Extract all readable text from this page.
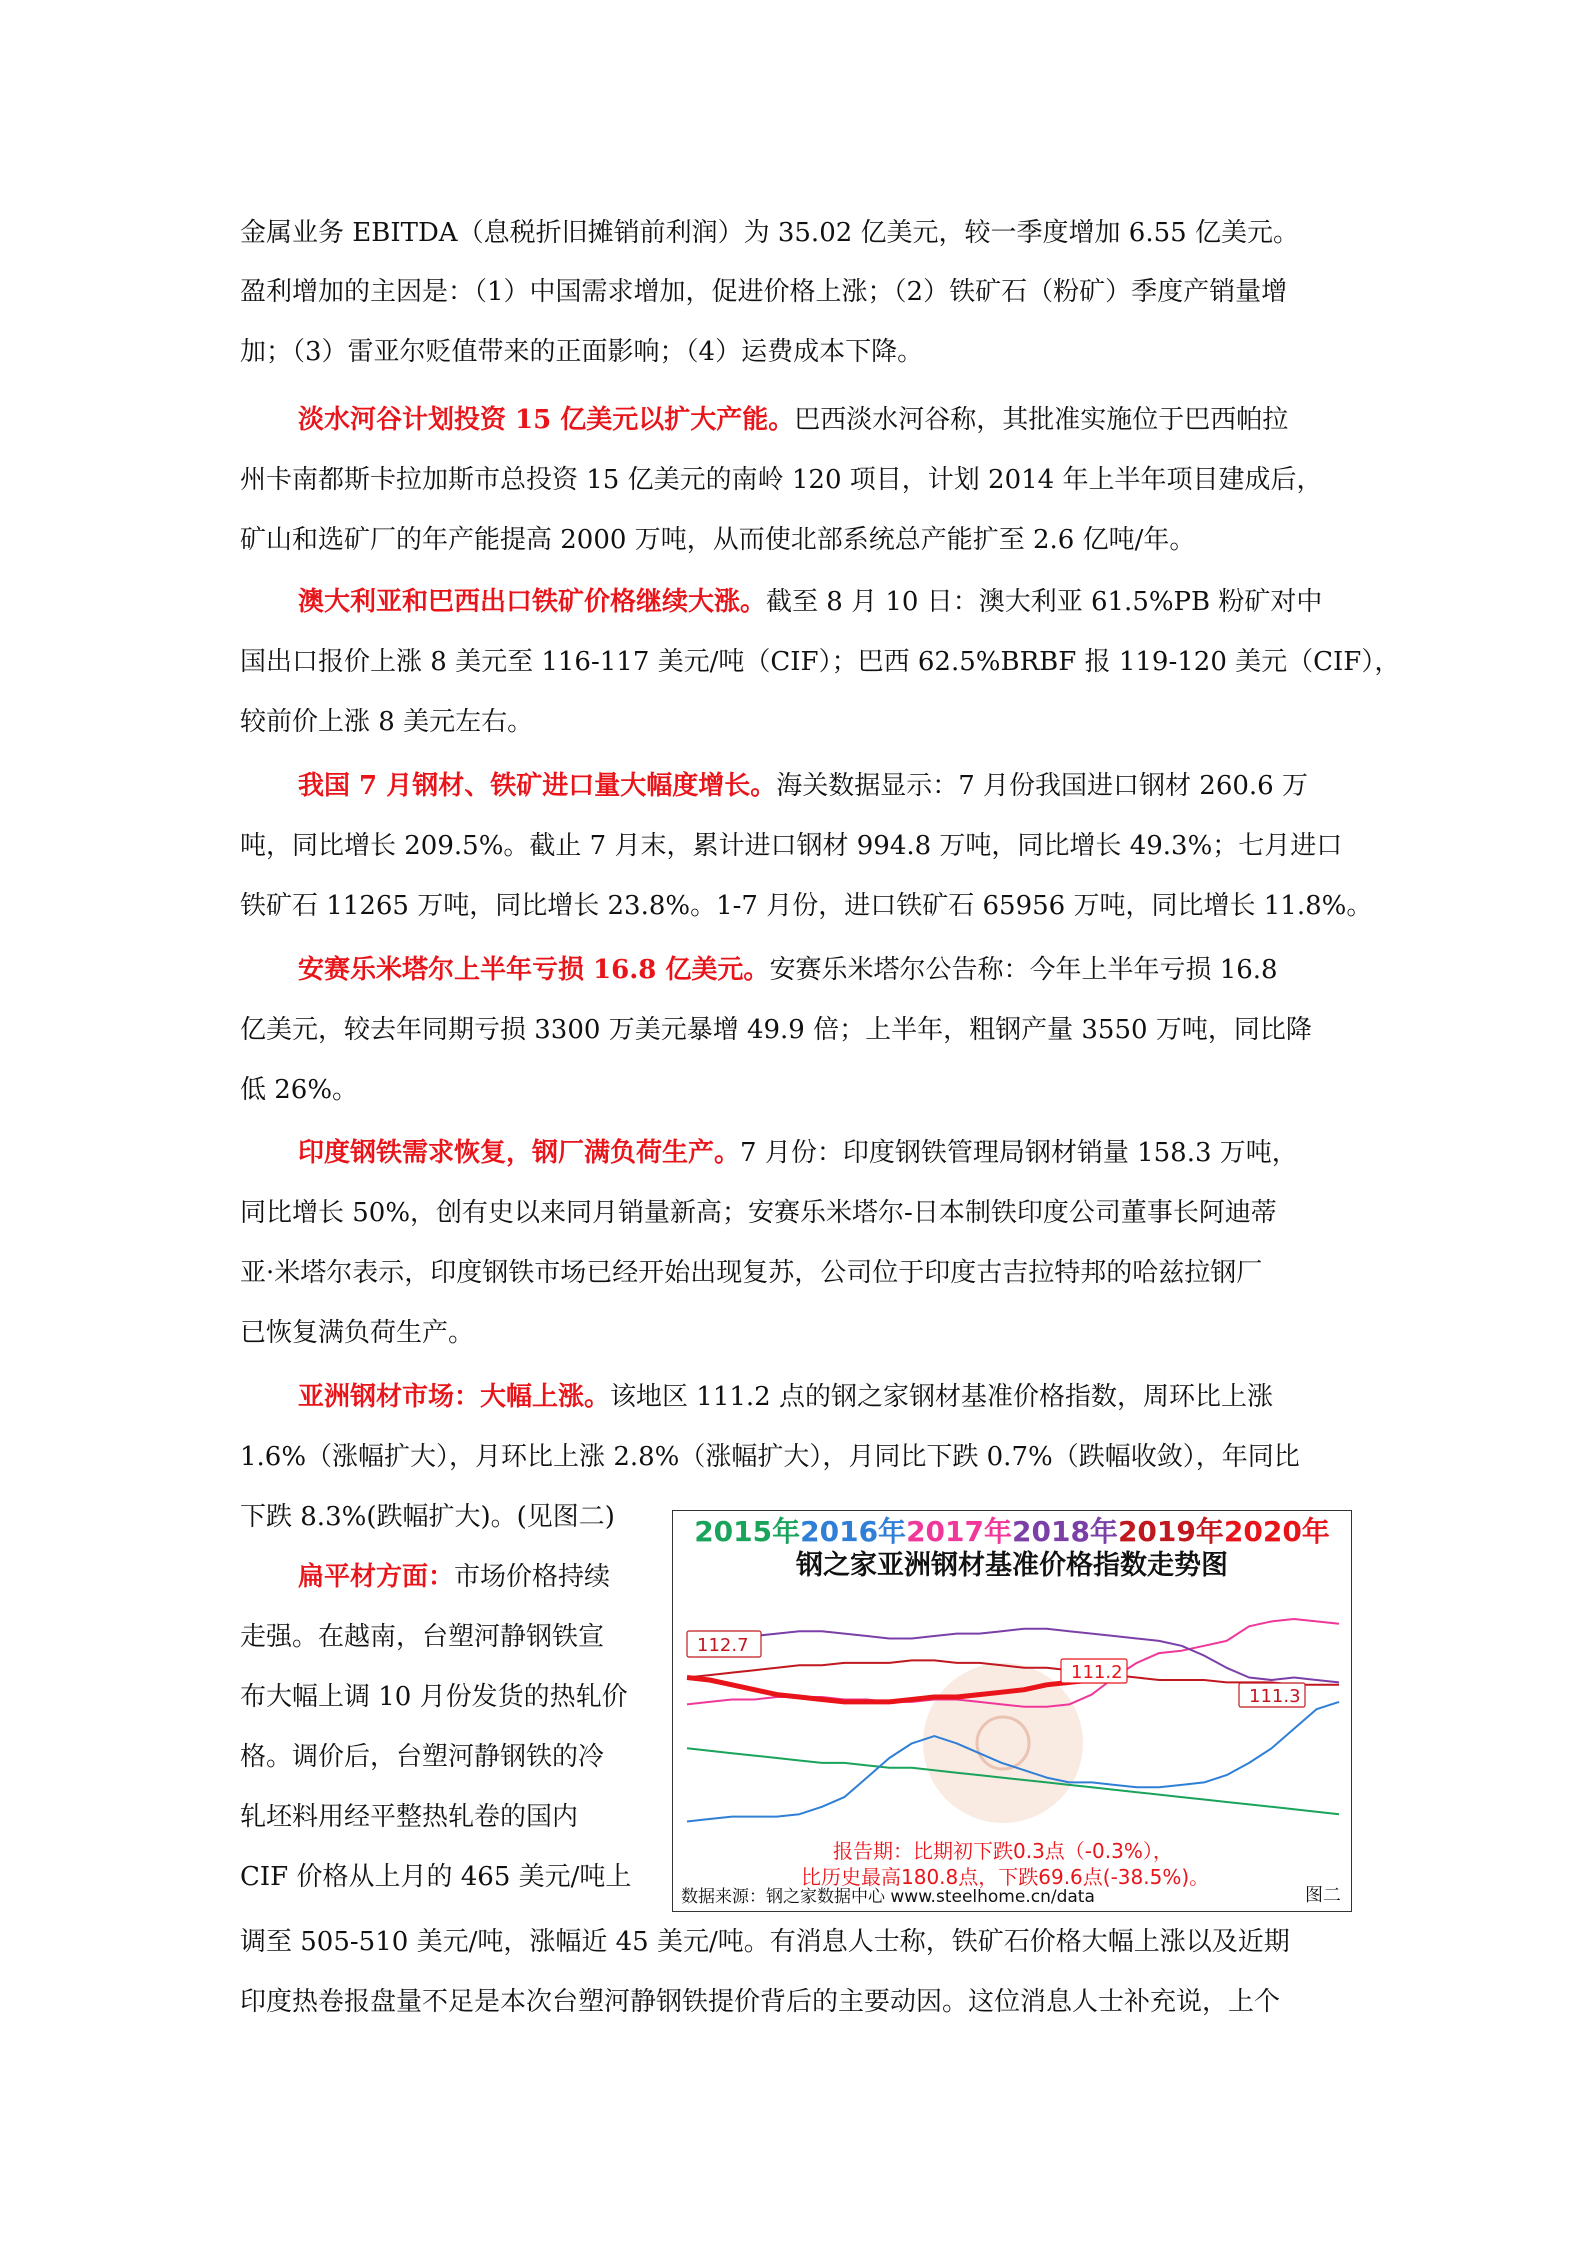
金属业务 EBITDA（息税折旧摊销前利润）为 35.02 亿美元，较一季度增加 6.55 亿美元。
盈利增加的主因是：（1）中国需求增加，促进价格上涨；（2）铁矿石（粉矿）季度产销量增
加；（3）雷亚尔贬值带来的正面影响；（4）运费成本下降。
淡水河谷计划投资 15 亿美元以扩大产能。巴西淡水河谷称，其批准实施位于巴西帕拉
州卡南都斯卡拉加斯市总投资 15 亿美元的南岭 120 项目，计划 2014 年上半年项目建成后，
矿山和选矿厂的年产能提高 2000 万吨，从而使北部系统总产能扩至 2.6 亿吨/年。
澳大利亚和巴西出口铁矿价格继续大涨。截至 8 月 10 日：澳大利亚 61.5%PB 粉矿对中
国出口报价上涨 8 美元至 116-117 美元/吨（CIF）；巴西 62.5%BRBF 报 119-120 美元（CIF），
较前价上涨 8 美元左右。
我国 7 月钢材、铁矿进口量大幅度增长。海关数据显示：7 月份我国进口钢材 260.6 万
吨，同比增长 209.5%。截止 7 月末，累计进口钢材 994.8 万吨，同比增长 49.3%；七月进口
铁矿石 11265 万吨，同比增长 23.8%。1-7 月份，进口铁矿石 65956 万吨，同比增长 11.8%。
安赛乐米塔尔上半年亏损 16.8 亿美元。安赛乐米塔尔公告称：今年上半年亏损 16.8
亿美元，较去年同期亏损 3300 万美元暴增 49.9 倍；上半年，粗钢产量 3550 万吨，同比降
低 26%。
印度钢铁需求恢复，钢厂满负荷生产。7 月份：印度钢铁管理局钢材销量 158.3 万吨，
同比增长 50%，创有史以来同月销量新高；安赛乐米塔尔-日本制铁印度公司董事长阿迪蒂
亚·米塔尔表示，印度钢铁市场已经开始出现复苏，公司位于印度古吉拉特邦的哈兹拉钢厂
已恢复满负荷生产。
亚洲钢材市场：大幅上涨。该地区 111.2 点的钢之家钢材基准价格指数，周环比上涨
1.6%（涨幅扩大），月环比上涨 2.8%（涨幅扩大），月同比下跌 0.7%（跌幅收敛），年同比
下跌 8.3%(跌幅扩大)。(见图二)
扁平材方面：市场价格持续
走强。在越南，台塑河静钢铁宣
布大幅上调 10 月份发货的热轧价
格。调价后，台塑河静钢铁的冷
轧坯料用经平整热轧卷的国内
CIF 价格从上月的 465 美元/吨上
调至 505-510 美元/吨，涨幅近 45 美元/吨。有消息人士称，铁矿石价格大幅上涨以及近期
印度热卷报盘量不足是本次台塑河静钢铁提价背后的主要动因。这位消息人士补充说，上个
2015年2016年2017年2018年2019年2020年
钢之家亚洲钢材基准价格指数走势图
112.7
111.2
111.3
报告期：比期初下跌0.3点（-0.3%），
比历史最高180.8点，下跌69.6点(-38.5%)。
数据来源：钢之家数据中心 www.steelhome.cn/data	图二
